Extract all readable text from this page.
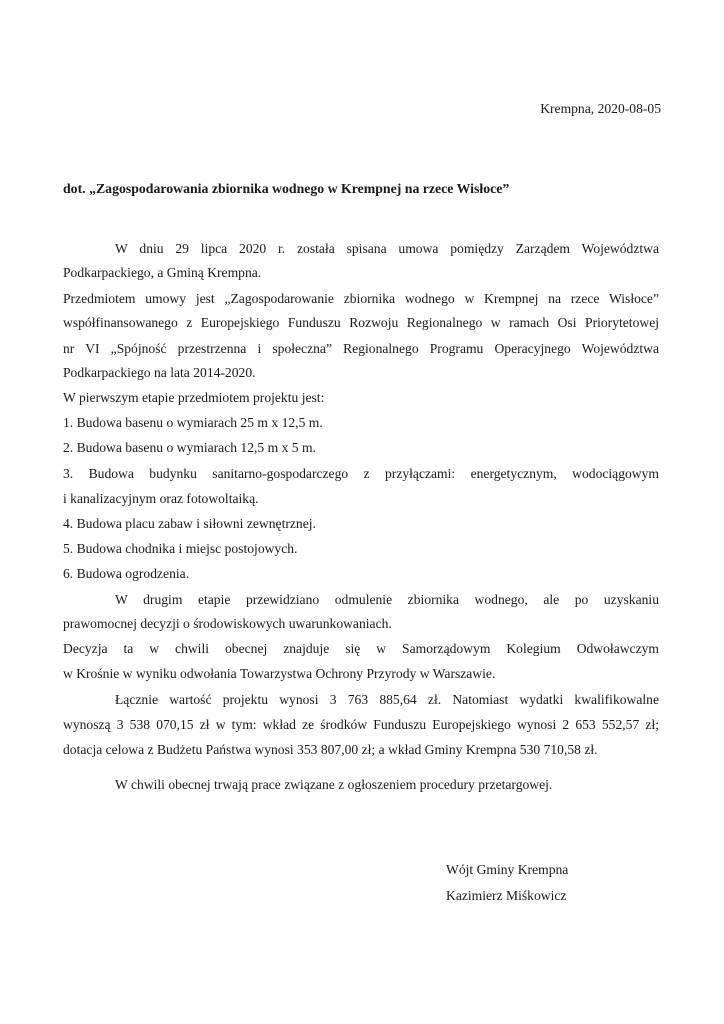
Krempna, 2020-08-05
dot. „Zagospodarowania zbiornika wodnego w Krempnej na rzece Wisłoce”
W dniu 29 lipca 2020 r. została spisana umowa pomiędzy Zarządem Województwa
Podkarpackiego, a Gminą Krempna.
Przedmiotem umowy jest „Zagospodarowanie zbiornika wodnego w Krempnej na rzece Wisłoce”
współfinansowanego z Europejskiego Funduszu Rozwoju Regionalnego w ramach Osi Priorytetowej
nr VI „Spójność przestrzenna i społeczna” Regionalnego Programu Operacyjnego Województwa
Podkarpackiego na lata 2014-2020.
W pierwszym etapie przedmiotem projektu jest:
1. Budowa basenu o wymiarach 25 m x 12,5 m.
2. Budowa basenu o wymiarach 12,5 m x 5 m.
3. Budowa budynku sanitarno-gospodarczego z przyłączami: energetycznym, wodociągowym
i kanalizacyjnym oraz fotowoltaiką.
4. Budowa placu zabaw i siłowni zewnętrznej.
5. Budowa chodnika i miejsc postojowych.
6. Budowa ogrodzenia.
W drugim etapie przewidziano odmulenie zbiornika wodnego, ale po uzyskaniu
prawomocnej decyzji o środowiskowych uwarunkowaniach.
Decyzja ta w chwili obecnej znajduje się w Samorządowym Kolegium Odwoławczym
w Krośnie w wyniku odwołania Towarzystwa Ochrony Przyrody w Warszawie.
Łącznie wartość projektu wynosi 3 763 885,64 zł. Natomiast wydatki kwalifikowalne
wynoszą 3 538 070,15 zł w tym: wkład ze środków Funduszu Europejskiego wynosi 2 653 552,57 zł;
dotacja celowa z Budżetu Państwa wynosi 353 807,00 zł; a wkład Gminy Krempna 530 710,58 zł.
W chwili obecnej trwają prace związane z ogłoszeniem procedury przetargowej.
Wójt Gminy Krempna
Kazimierz Miśkowicz
